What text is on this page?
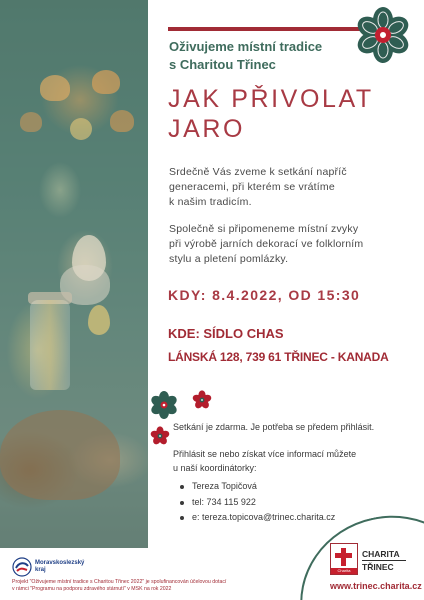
Oživujeme místní tradice
s Charitou Třinec
JAK PŘIVOLAT
JARO
Srdečně Vás zveme k setkání napříč
generacemi, při kterém se vrátíme
k našim tradicím.
Společně si připomeneme místní zvyky
při výrobě jarních dekorací ve folklorním
stylu a pletení pomlázky.
KDY: 8.4.2022, OD 15:30
KDE: SÍDLO CHAS
LÁNSKÁ 128, 739 61 TŘINEC - KANADA
Setkání je zdarma. Je potřeba se předem přihlásit.
Přihlásit se nebo získat více informací můžete
u naší koordinátorky:
Tereza Topičová
tel: 734 115 922
e: tereza.topicova@trinec.charita.cz
Moravskoslezský
kraj
Projekt "Oživujeme místní tradice s Charitou Třinec 2022" je spolufinancován účelovou dotací
v rámci "Programu na podporu zdravého stárnutí" v MSK na rok 2022
Charita
CHARITA
TŘINEC
www.trinec.charita.cz
